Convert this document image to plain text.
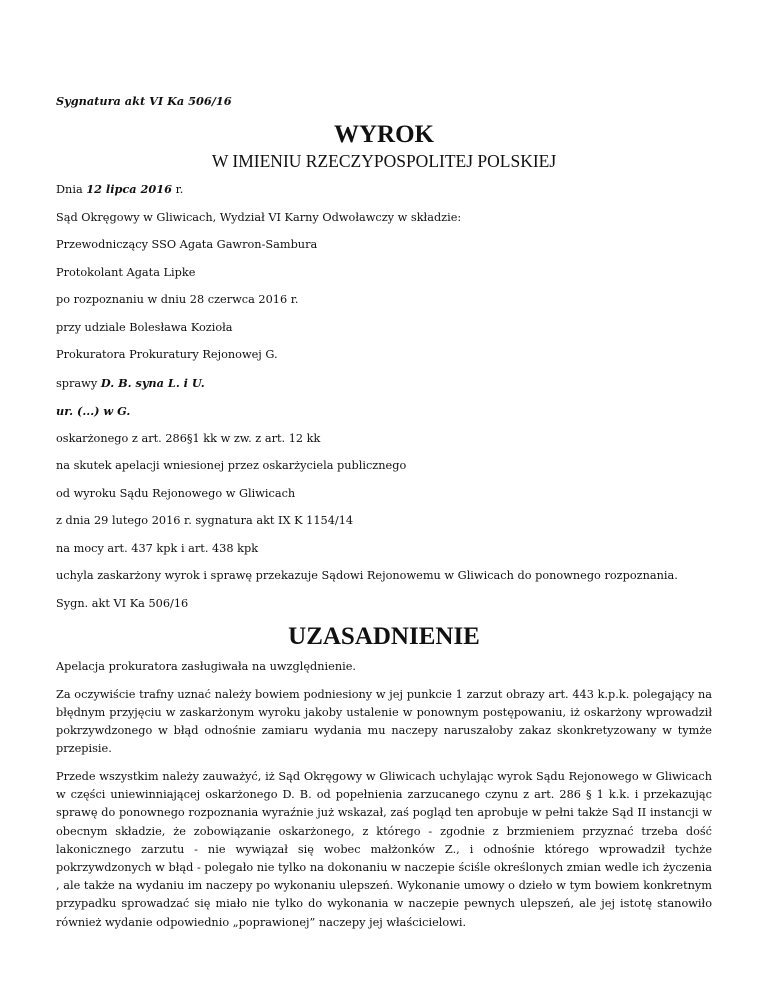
Sygnatura akt VI Ka 506/16

WYROK
W IMIENIU RZECZYPOSPOLITEJ POLSKIEJ

Dnia 12 lipca 2016 r.

Sąd Okręgowy w Gliwicach, Wydział VI Karny Odwoławczy w składzie:

Przewodniczący SSO Agata Gawron-Sambura

Protokolant Agata Lipke

po rozpoznaniu w dniu 28 czerwca 2016 r.

przy udziale Bolesława Kozioła

Prokuratora Prokuratury Rejonowej G.

sprawy D. B. syna L. i U.

ur. (...) w G.

oskarżonego z art. 286§1 kk w zw. z art. 12 kk

na skutek apelacji wniesionej przez oskarżyciela publicznego

od wyroku Sądu Rejonowego w Gliwicach

z dnia 29 lutego 2016 r. sygnatura akt IX K 1154/14

na mocy art. 437 kpk i art. 438 kpk

uchyla zaskarżony wyrok i sprawę przekazuje Sądowi Rejonowemu w Gliwicach do ponownego rozpoznania.

Sygn. akt VI Ka 506/16

UZASADNIENIE

Apelacja prokuratora zasługiwała na uwzględnienie.

Za oczywiście trafny uznać należy bowiem podniesiony w jej punkcie 1 zarzut obrazy art. 443 k.p.k. polegający na błędnym przyjęciu w zaskarżonym wyroku jakoby ustalenie w ponownym postępowaniu, iż oskarżony wprowadził pokrzywdzonego w błąd odnośnie zamiaru wydania mu naczepy naruszałoby zakaz skonkretyzowany w tymże przepisie.

Przede wszystkim należy zauważyć, iż Sąd Okręgowy w Gliwicach uchylając wyrok Sądu Rejonowego w Gliwicach w części uniewinniającej oskarżonego D. B. od popełnienia zarzucanego czynu z art. 286 § 1 k.k. i przekazując sprawę do ponownego rozpoznania wyraźnie już wskazał, zaś pogląd ten aprobuje w pełni także Sąd II instancji w obecnym składzie, że zobowiązanie oskarżonego, z którego - zgodnie z brzmieniem przyznać trzeba dość lakonicznego zarzutu - nie wywiązał się wobec małżonków Z., i odnośnie którego wprowadził tychże pokrzywdzonych w błąd - polegało nie tylko na dokonaniu w naczepie ściśle określonych zmian wedle ich życzenia , ale także na wydaniu im naczepy po wykonaniu ulepszeń. Wykonanie umowy o dzieło w tym bowiem konkretnym przypadku sprowadzać się miało nie tylko do wykonania w naczepie pewnych ulepszeń, ale jej istotę stanowiło również wydanie odpowiednio „poprawionej” naczepy jej właścicielowi.
